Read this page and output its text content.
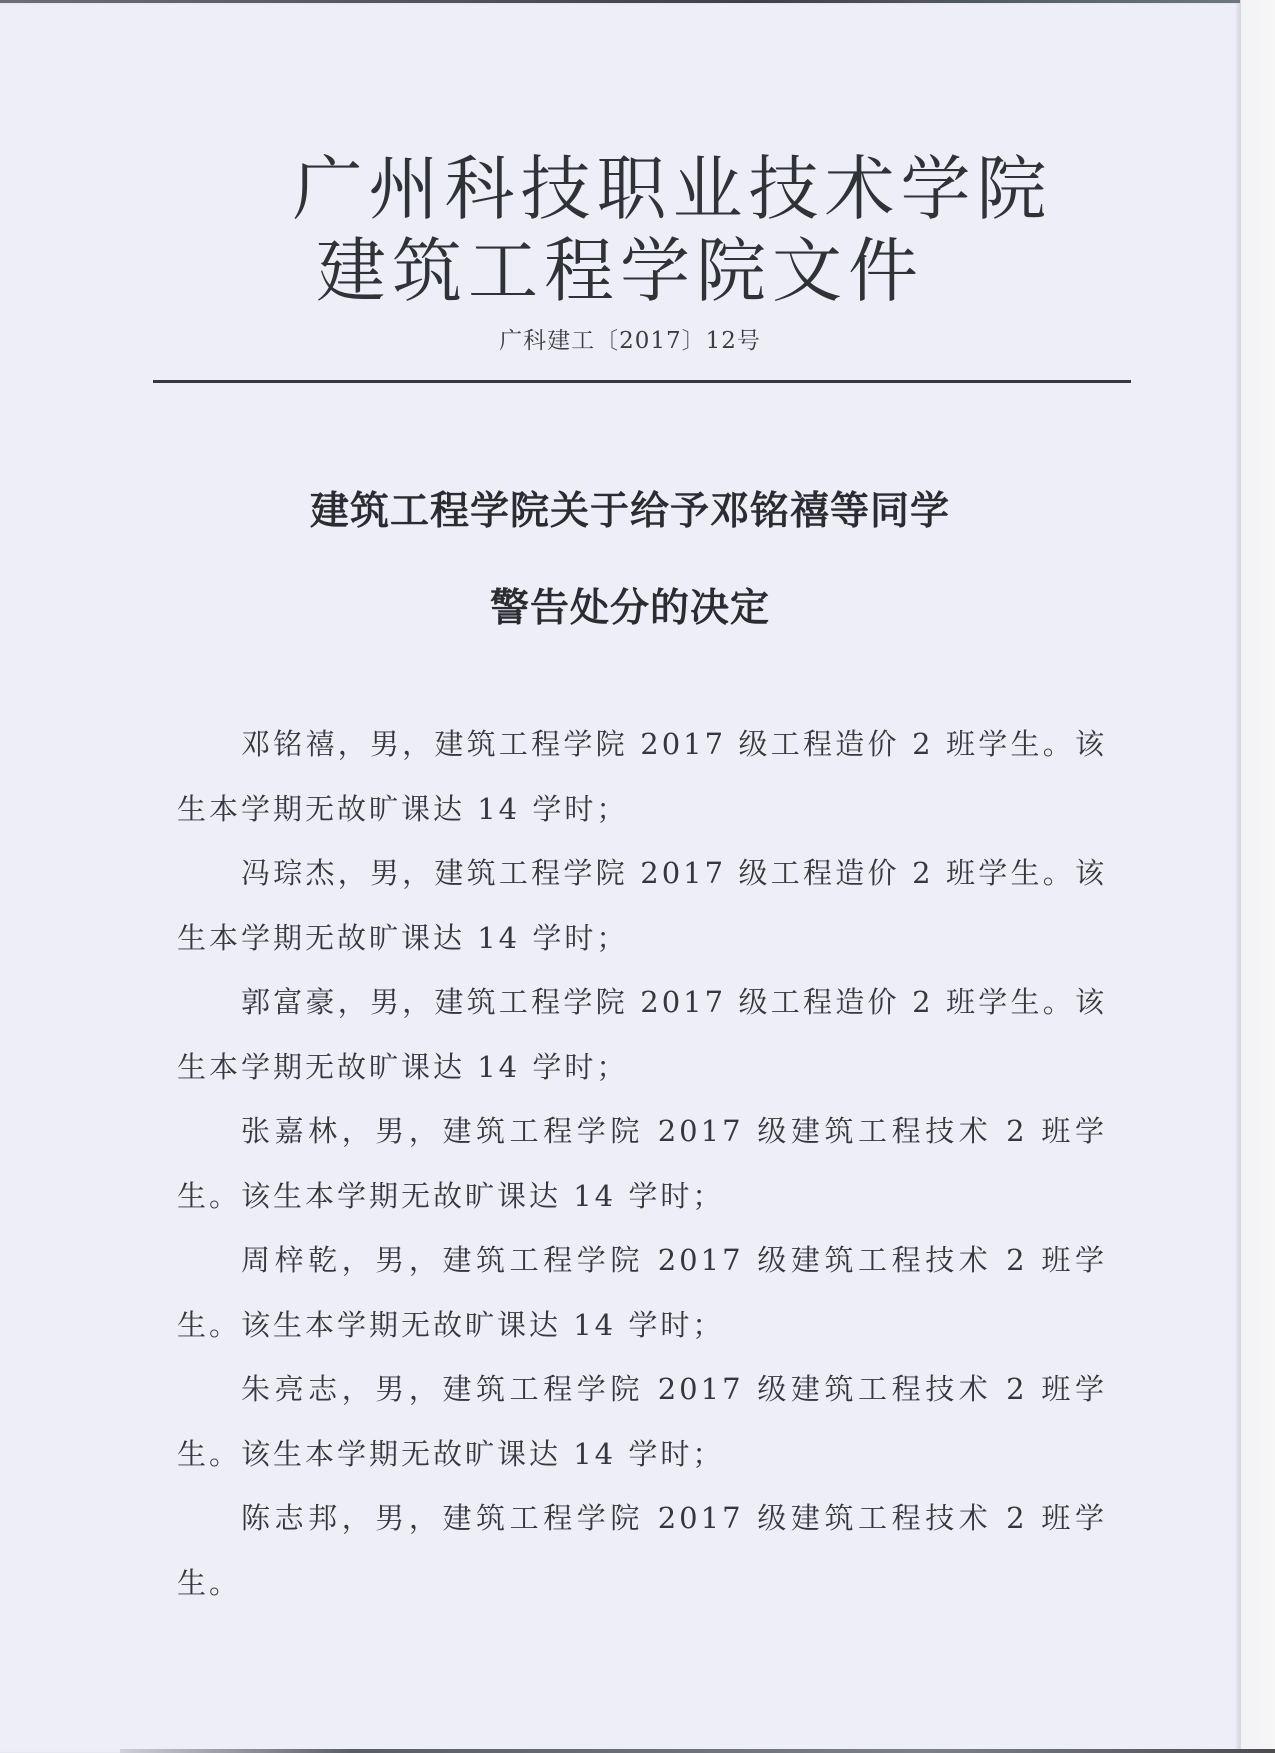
广州科技职业技术学院
建筑工程学院文件
广科建工〔2017〕12号
建筑工程学院关于给予邓铭禧等同学
警告处分的决定

邓铭禧，男，建筑工程学院 2017 级工程造价 2 班学生。该生本学期无故旷课达 14 学时；

冯琮杰，男，建筑工程学院 2017 级工程造价 2 班学生。该生本学期无故旷课达 14 学时；

郭富豪，男，建筑工程学院 2017 级工程造价 2 班学生。该生本学期无故旷课达 14 学时；

张嘉林，男，建筑工程学院 2017 级建筑工程技术 2 班学生。该生本学期无故旷课达 14 学时；

周梓乾，男，建筑工程学院 2017 级建筑工程技术 2 班学生。该生本学期无故旷课达 14 学时；

朱亮志，男，建筑工程学院 2017 级建筑工程技术 2 班学生。该生本学期无故旷课达 14 学时；

陈志邦，男，建筑工程学院 2017 级建筑工程技术 2 班学生。
